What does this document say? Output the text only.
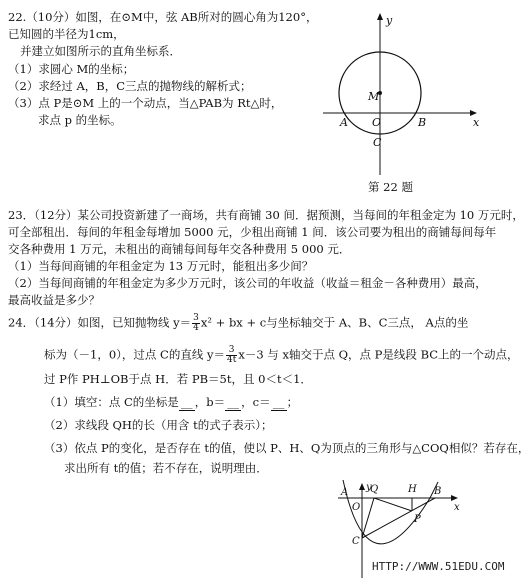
22.（10分）如图，在⊙M中，弦 AB所对的圆心角为120°，
已知圆的半径为1cm，
并建立如图所示的直角坐标系．
（1）求圆心 M的坐标；
（2）求经过 A，B，C三点的抛物线的解析式；
（3）点 P是⊙M 上的一个动点，当△PAB为 Rt△时，
求点 p 的坐标。
y
x
M
A O	B
C
第 22 题
23．（12分）某公司投资新建了一商场，共有商铺 30 间．据预测，当每间的年租金定为 10 万元时，
可全部租出．每间的年租金每增加 5000 元，少租出商铺 1 间．该公司要为租出的商铺每间每年
交各种费用 1 万元，未租出的商铺每间每年交各种费用 5 000 元．
（1）当每间商铺的年租金定为 13 万元时，能租出多少间？
（2）当每间商铺的年租金定为多少万元时，该公司的年收益（收益＝租金－各种费用）最高，
最高收益是多少？
24．（14分）如图，已知抛物线 $y= \frac{3}{4} x^2$ + bx + c与坐标轴交于 A、B、C三点， A点的坐
标为（－1，0），过点 C的直线 $y= \frac{3}{4t} x-3$ 与 x轴交于点 Q，点 P是线段 BC上的一个动点，
过 P作 PH⊥OB于点 H．若 PB＝5t，且 0＜t＜1．
（1）填空：点 C的坐标是 __ ，b＝ __ ，c＝ __ ；
（2）求线段 QH的长（用含 t的式子表示）；
（3）依点 P的变化，是否存在 t的值，使以 P、H、Q为顶点的三角形与△COQ相似？若存在，
求出所有 t的值；若不存在，说明理由．
y
x
A
O
Q	H B
P
C
HTTP://WWW.51EDU.COM
